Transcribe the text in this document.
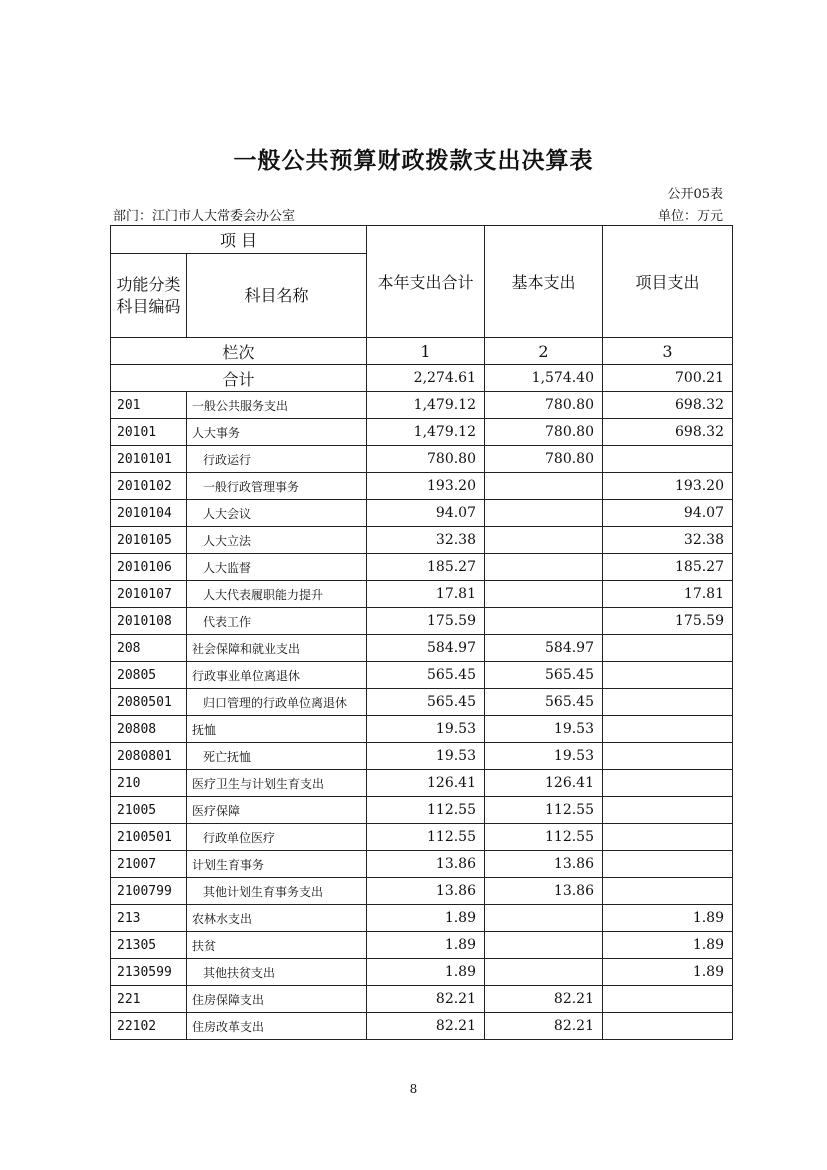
一般公共预算财政拨款支出决算表
公开05表
部门：江门市人大常委会办公室	单位：万元
项 目		本年支出合计	基本支出	项目支出
功能分类科目编码	科目名称			
栏次		1	2	3
合计		2,274.61	1,574.40	700.21
201	一般公共服务支出	1,479.12	780.80	698.32
20101	人大事务	1,479.12	780.80	698.32
2010101	行政运行	780.80	780.80	
2010102	一般行政管理事务	193.20		193.20
2010104	人大会议	94.07		94.07
2010105	人大立法	32.38		32.38
2010106	人大监督	185.27		185.27
2010107	人大代表履职能力提升	17.81		17.81
2010108	代表工作	175.59		175.59
208	社会保障和就业支出	584.97	584.97	
20805	行政事业单位离退休	565.45	565.45	
2080501	归口管理的行政单位离退休	565.45	565.45	
20808	抚恤	19.53	19.53	
2080801	死亡抚恤	19.53	19.53	
210	医疗卫生与计划生育支出	126.41	126.41	
21005	医疗保障	112.55	112.55	
2100501	行政单位医疗	112.55	112.55	
21007	计划生育事务	13.86	13.86	
2100799	其他计划生育事务支出	13.86	13.86	
213	农林水支出	1.89		1.89
21305	扶贫	1.89		1.89
2130599	其他扶贫支出	1.89		1.89
221	住房保障支出	82.21	82.21	
22102	住房改革支出	82.21	82.21	
8
